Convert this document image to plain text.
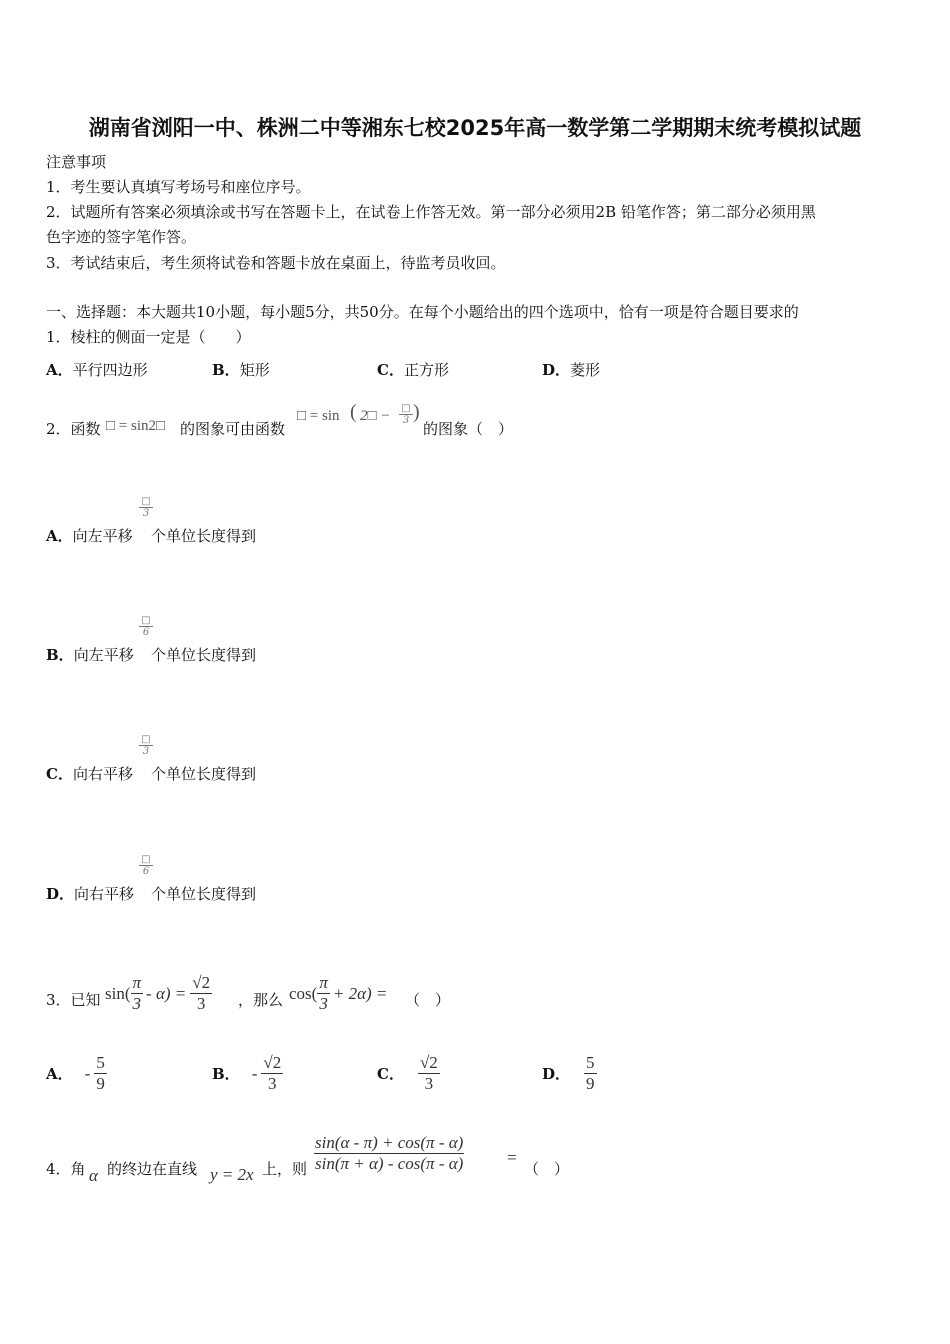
湖南省浏阳一中、株洲二中等湘东七校2025年高一数学第二学期期末统考模拟试题
注意事项
1．考生要认真填写考场号和座位序号。
2．试题所有答案必须填涂或书写在答题卡上，在试卷上作答无效。第一部分必须用2B 铅笔作答；第二部分必须用黑
色字迹的签字笔作答。
3．考试结束后，考生须将试卷和答题卡放在桌面上，待监考员收回。
一、选择题：本大题共10小题，每小题5分，共50分。在每个小题给出的四个选项中，恰有一项是符合题目要求的
1．棱柱的侧面一定是（　　）
A．平行四边形	B．矩形	C．正方形	D．菱形
2．函数 □ = sin2□ 的图象可由函数
□ = sin ( 2□ − □
3 )
的图象（　）
A．向左平移
□
3
个单位长度得到
B．向左平移
□
6
个单位长度得到
C．向右平移
□
3
个单位长度得到
D．向右平移
□
6
个单位长度得到
3．已知 $\sin( \frac{\pi}{3} - \alpha) = \frac{√2}{3}$ ，那么 $\cos( \frac{\pi}{3} + 2\alpha)$ = （　）
A． - $\frac{5}{9}$	B． - $\frac{√2}{3}$	C． $\frac{√2}{3}$	D． $\frac{5}{9}$
4．角 α 的终边在直线 y = 2x 上，则 $\frac{\sin(\alpha - \pi) + \cos(\pi - \alpha)}{\sin(\pi + \alpha) - \cos(\pi - \alpha)}$	=
（　）
